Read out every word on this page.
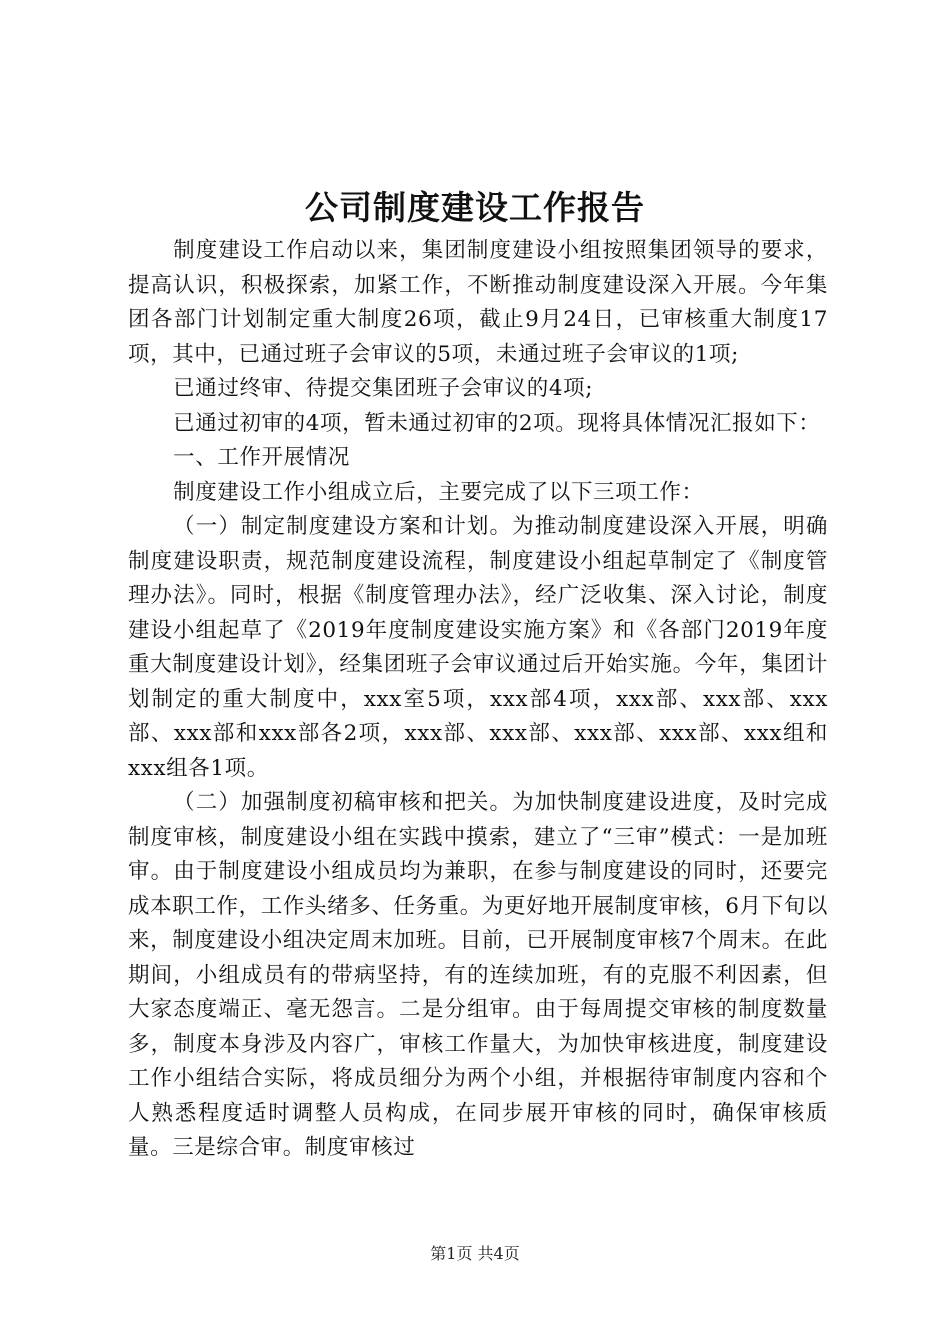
公司制度建设工作报告

制度建设工作启动以来，集团制度建设小组按照集团领导的要求，提高认识，积极探索，加紧工作，不断推动制度建设深入开展。今年集团各部门计划制定重大制度26项，截止9月24日，已审核重大制度17项，其中，已通过班子会审议的5项，未通过班子会审议的1项;

已通过终审、待提交集团班子会审议的4项;

已通过初审的4项，暂未通过初审的2项。现将具体情况汇报如下：

一、工作开展情况

制度建设工作小组成立后，主要完成了以下三项工作：

（一）制定制度建设方案和计划。为推动制度建设深入开展，明确制度建设职责，规范制度建设流程，制度建设小组起草制定了《制度管理办法》。同时，根据《制度管理办法》，经广泛收集、深入讨论，制度建设小组起草了《2019年度制度建设实施方案》和《各部门2019年度重大制度建设计划》，经集团班子会审议通过后开始实施。今年，集团计划制定的重大制度中，xxx室5项，xxx部4项，xxx部、xxx部、xxx部、xxx部和xxx部各2项，xxx部、xxx部、xxx部、xxx部、xxx组和xxx组各1项。

（二）加强制度初稿审核和把关。为加快制度建设进度，及时完成制度审核，制度建设小组在实践中摸索，建立了“三审”模式：一是加班审。由于制度建设小组成员均为兼职，在参与制度建设的同时，还要完成本职工作，工作头绪多、任务重。为更好地开展制度审核，6月下旬以来，制度建设小组决定周末加班。目前，已开展制度审核7个周末。在此期间，小组成员有的带病坚持，有的连续加班，有的克服不利因素，但大家态度端正、毫无怨言。二是分组审。由于每周提交审核的制度数量多，制度本身涉及内容广，审核工作量大，为加快审核进度，制度建设工作小组结合实际，将成员细分为两个小组，并根据待审制度内容和个人熟悉程度适时调整人员构成，在同步展开审核的同时，确保审核质量。三是综合审。制度审核过

第1页 共4页
